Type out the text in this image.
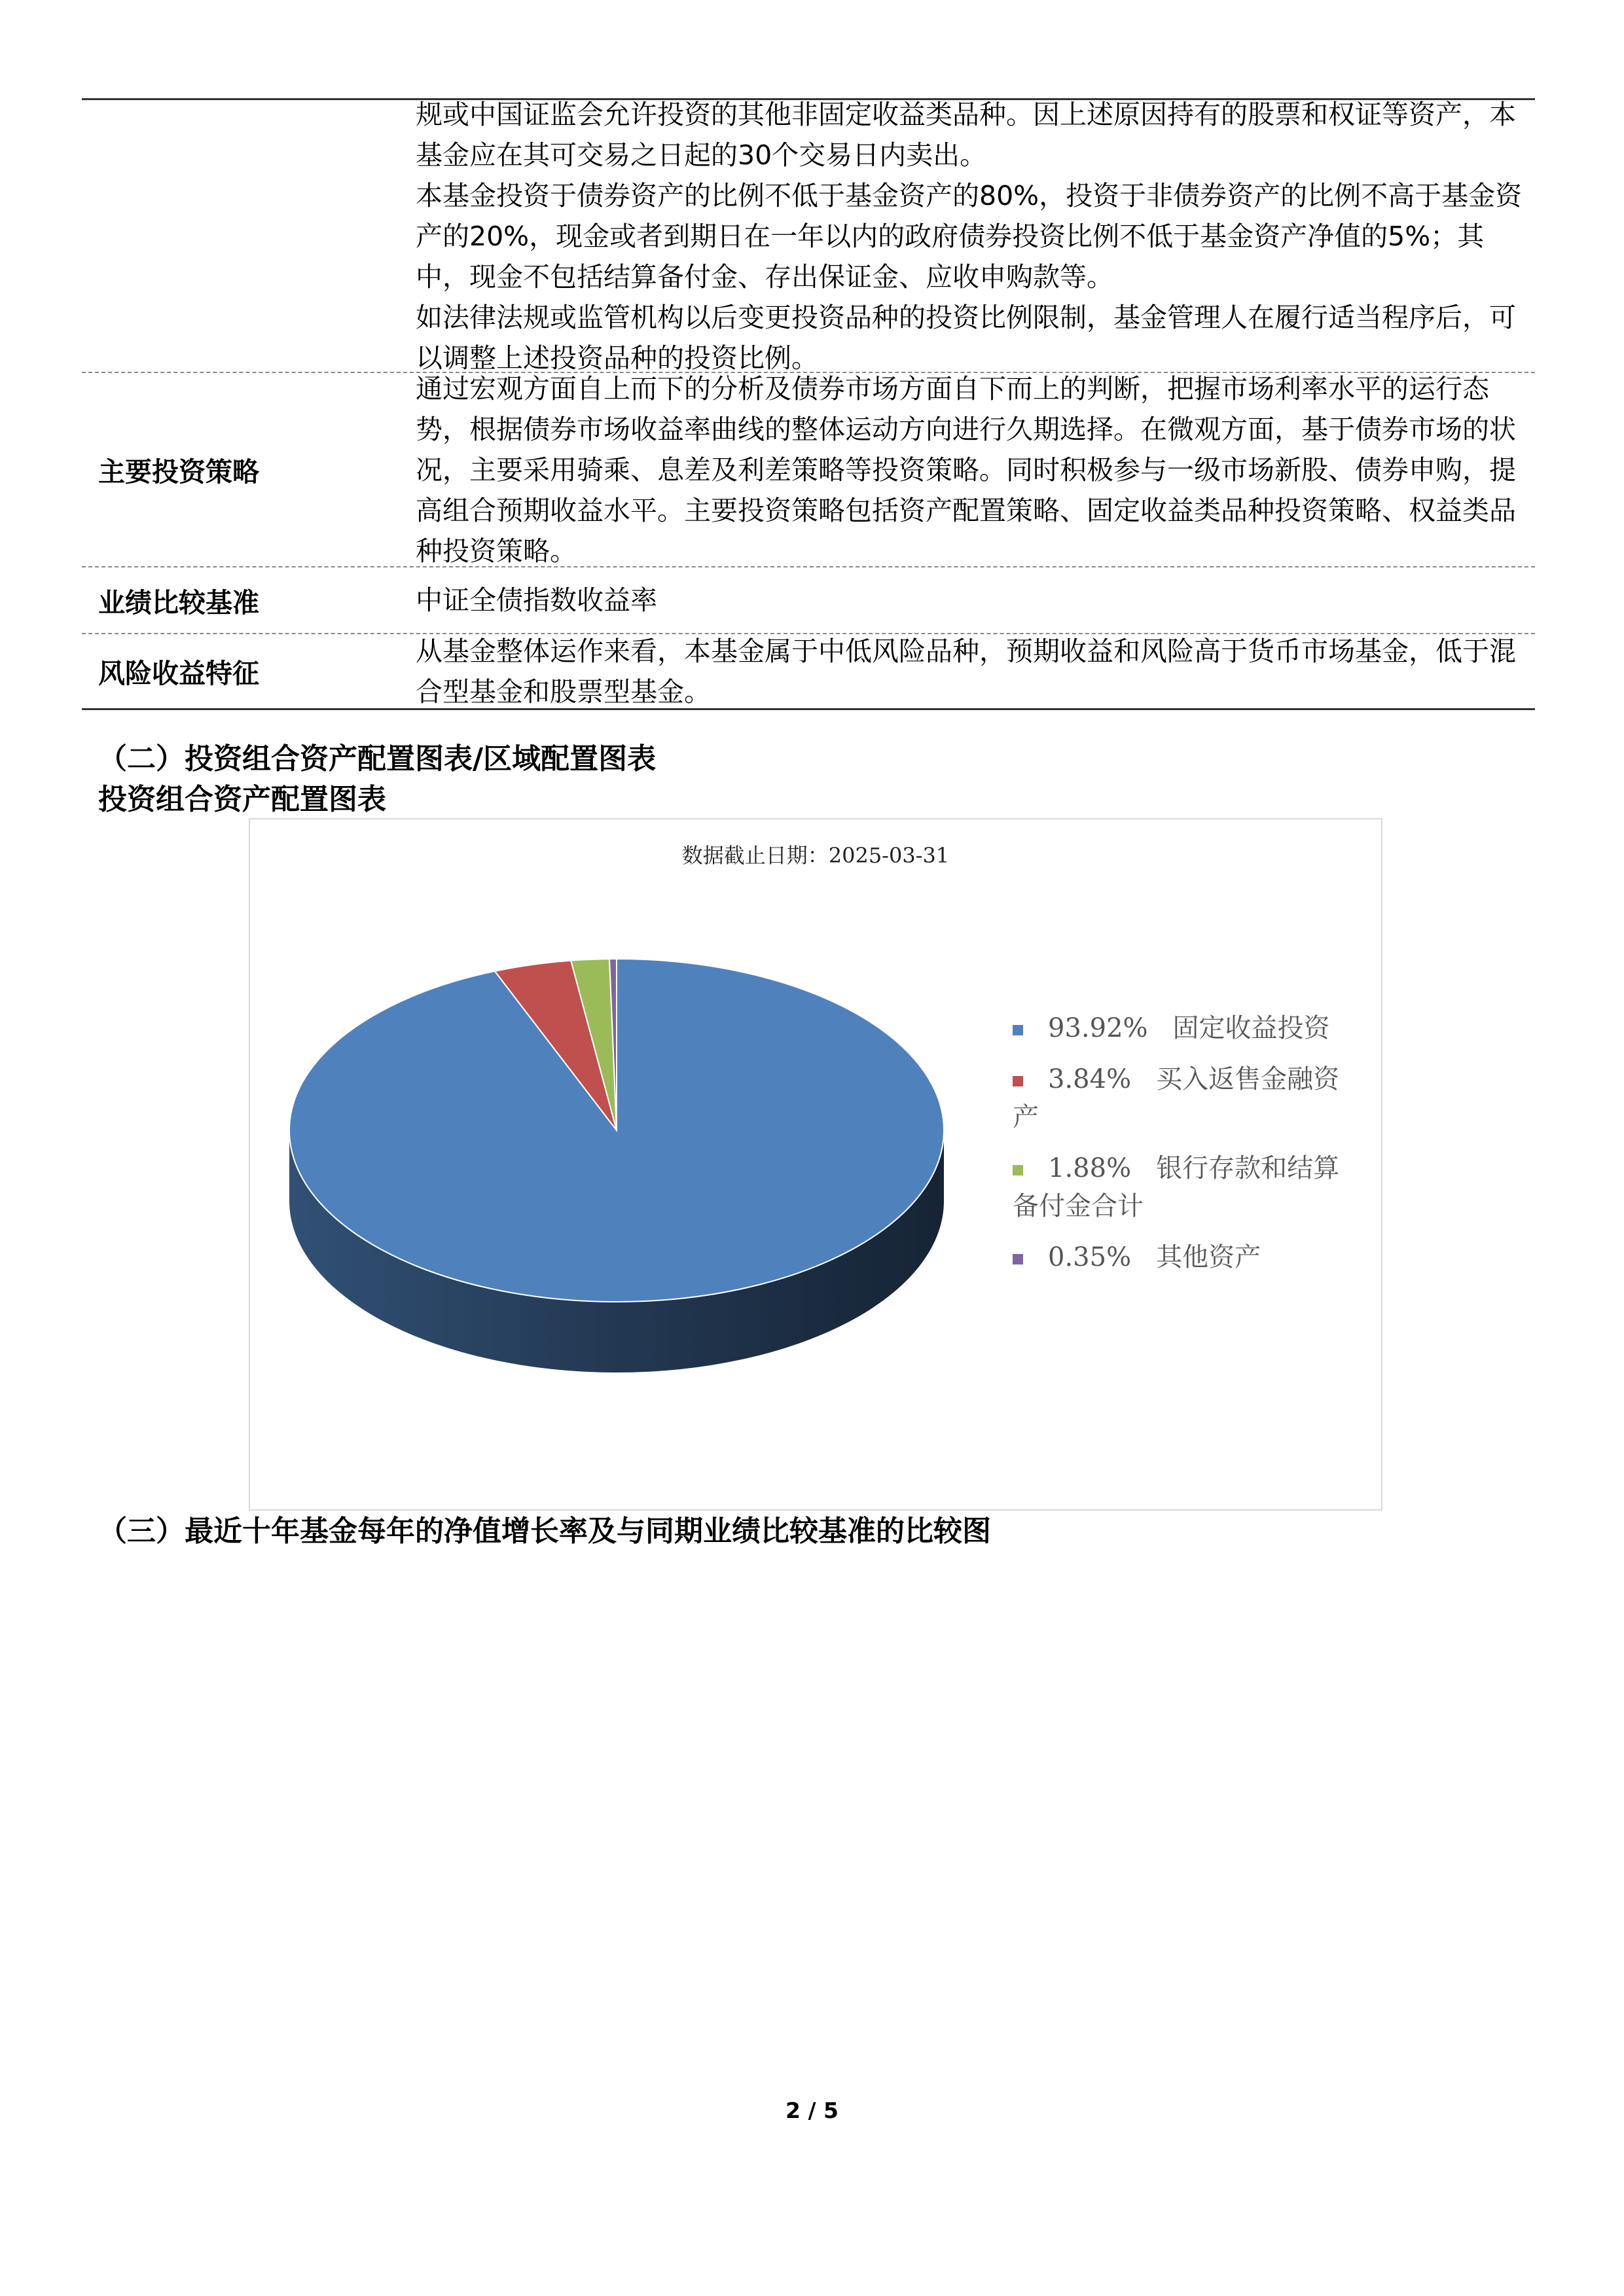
规或中国证监会允许投资的其他非固定收益类品种。因上述原因持有的股票和权证等资产，本基金应在其可交易之日起的30个交易日内卖出。

本基金投资于债券资产的比例不低于基金资产的80%，投资于非债券资产的比例不高于基金资产的20%，现金或者到期日在一年以内的政府债券投资比例不低于基金资产净值的5%；其中，现金不包括结算备付金、存出保证金、应收申购款等。

如法律法规或监管机构以后变更投资品种的投资比例限制，基金管理人在履行适当程序后，可以调整上述投资品种的投资比例。

主要投资策略

通过宏观方面自上而下的分析及债券市场方面自下而上的判断，把握市场利率水平的运行态势，根据债券市场收益率曲线的整体运动方向进行久期选择。在微观方面，基于债券市场的状况，主要采用骑乘、息差及利差策略等投资策略。同时积极参与一级市场新股、债券申购，提高组合预期收益水平。主要投资策略包括资产配置策略、固定收益类品种投资策略、权益类品种投资策略。

业绩比较基准	中证全债指数收益率

风险收益特征

从基金整体运作来看，本基金属于中低风险品种，预期收益和风险高于货币市场基金，低于混合型基金和股票型基金。

（二）投资组合资产配置图表/区域配置图表
投资组合资产配置图表
数据截止日期：2025-03-31
93.92% 固定收益投资
3.84% 买入返售金融资产
1.88% 银行存款和结算备付金合计
0.35% 其他资产
（三）最近十年基金每年的净值增长率及与同期业绩比较基准的比较图
2 / 5
